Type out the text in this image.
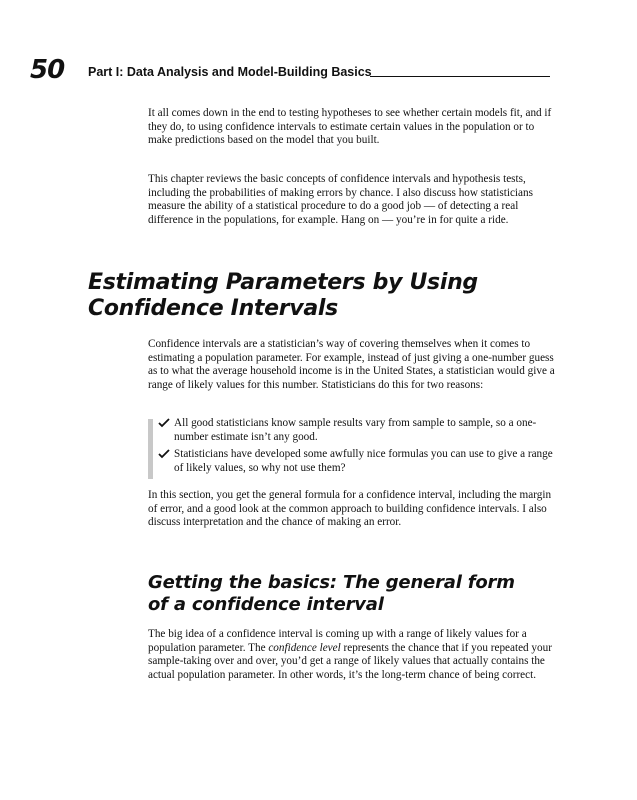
50 Part I: Data Analysis and Model-Building Basics

It all comes down in the end to testing hypotheses to see whether certain models fit, and if they do, to using confidence intervals to estimate certain values in the population or to make predictions based on the model that you built.

This chapter reviews the basic concepts of confidence intervals and hypothesis tests, including the probabilities of making errors by chance. I also discuss how statisticians measure the ability of a statistical procedure to do a good job — of detecting a real difference in the populations, for example. Hang on — you’re in for quite a ride.

Estimating Parameters by Using
Confidence Intervals

Confidence intervals are a statistician’s way of covering themselves when it comes to estimating a population parameter. For example, instead of just giving a one-number guess as to what the average household income is in the United States, a statistician would give a range of likely values for this number. Statisticians do this for two reasons:

All good statisticians know sample results vary from sample to sample, so a one-number estimate isn’t any good.
Statisticians have developed some awfully nice formulas you can use to give a range of likely values, so why not use them?

In this section, you get the general formula for a confidence interval, including the margin of error, and a good look at the common approach to building confidence intervals. I also discuss interpretation and the chance of making an error.

Getting the basics: The general form
of a confidence interval

The big idea of a confidence interval is coming up with a range of likely values for a population parameter. The confidence level represents the chance that if you repeated your sample-taking over and over, you’d get a range of likely values that actually contains the actual population parameter. In other words, it’s the long-term chance of being correct.
